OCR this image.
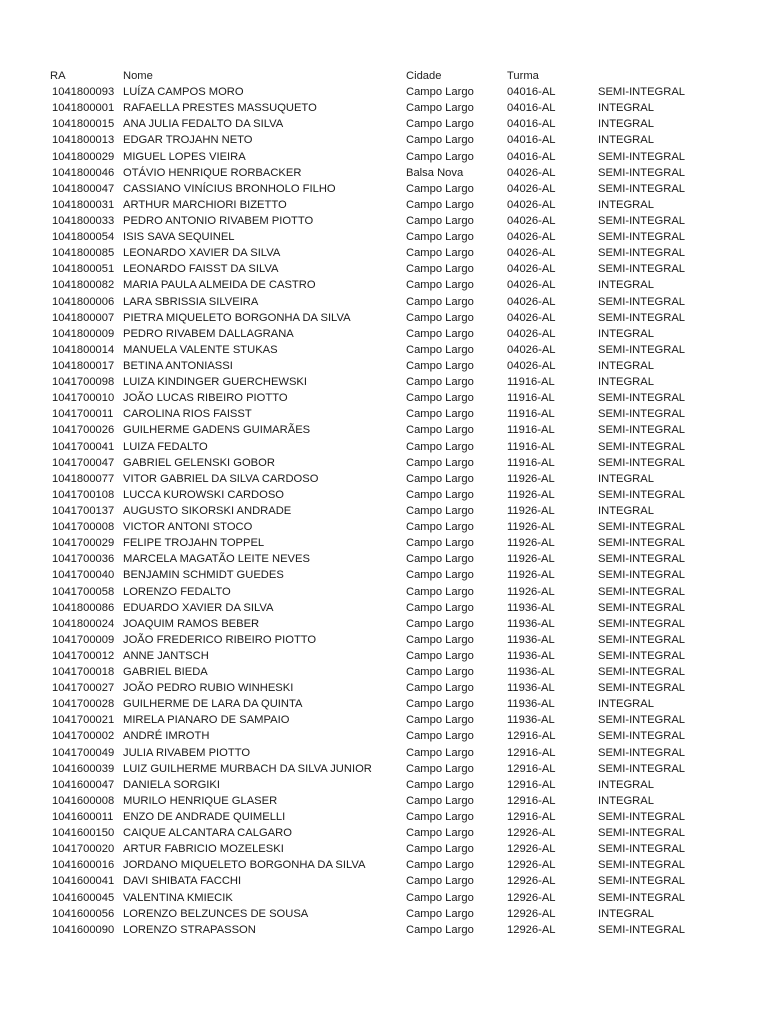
RA	Nome	Cidade	Turma
1041800093 LUÍZA CAMPOS MORO	Campo Largo	04016-AL	SEMI-INTEGRAL
1041800001 RAFAELLA PRESTES MASSUQUETO	Campo Largo	04016-AL	INTEGRAL
1041800015 ANA JULIA FEDALTO DA SILVA	Campo Largo	04016-AL	INTEGRAL
1041800013 EDGAR TROJAHN NETO	Campo Largo	04016-AL	INTEGRAL
1041800029 MIGUEL LOPES VIEIRA	Campo Largo	04016-AL	SEMI-INTEGRAL
1041800046 OTÁVIO HENRIQUE RORBACKER	Balsa Nova	04026-AL	SEMI-INTEGRAL
1041800047 CASSIANO VINÍCIUS BRONHOLO FILHO	Campo Largo	04026-AL	SEMI-INTEGRAL
1041800031 ARTHUR MARCHIORI BIZETTO	Campo Largo	04026-AL	INTEGRAL
1041800033 PEDRO ANTONIO RIVABEM PIOTTO	Campo Largo	04026-AL	SEMI-INTEGRAL
1041800054 ISIS SAVA SEQUINEL	Campo Largo	04026-AL	SEMI-INTEGRAL
1041800085 LEONARDO XAVIER DA SILVA	Campo Largo	04026-AL	SEMI-INTEGRAL
1041800051 LEONARDO FAISST DA SILVA	Campo Largo	04026-AL	SEMI-INTEGRAL
1041800082 MARIA PAULA ALMEIDA DE CASTRO	Campo Largo	04026-AL	INTEGRAL
1041800006 LARA SBRISSIA SILVEIRA	Campo Largo	04026-AL	SEMI-INTEGRAL
1041800007 PIETRA MIQUELETO BORGONHA DA SILVA	Campo Largo	04026-AL	SEMI-INTEGRAL
1041800009 PEDRO RIVABEM DALLAGRANA	Campo Largo	04026-AL	INTEGRAL
1041800014 MANUELA VALENTE STUKAS	Campo Largo	04026-AL	SEMI-INTEGRAL
1041800017 BETINA ANTONIASSI	Campo Largo	04026-AL	INTEGRAL
1041700098 LUIZA KINDINGER GUERCHEWSKI	Campo Largo	11916-AL	INTEGRAL
1041700010 JOÃO LUCAS RIBEIRO PIOTTO	Campo Largo	11916-AL	SEMI-INTEGRAL
1041700011 CAROLINA RIOS FAISST	Campo Largo	11916-AL	SEMI-INTEGRAL
1041700026 GUILHERME GADENS GUIMARÃES	Campo Largo	11916-AL	SEMI-INTEGRAL
1041700041 LUIZA FEDALTO	Campo Largo	11916-AL	SEMI-INTEGRAL
1041700047 GABRIEL GELENSKI GOBOR	Campo Largo	11916-AL	SEMI-INTEGRAL
1041800077 VITOR GABRIEL DA SILVA CARDOSO	Campo Largo	11926-AL	INTEGRAL
1041700108 LUCCA KUROWSKI CARDOSO	Campo Largo	11926-AL	SEMI-INTEGRAL
1041700137 AUGUSTO SIKORSKI ANDRADE	Campo Largo	11926-AL	INTEGRAL
1041700008 VICTOR ANTONI STOCO	Campo Largo	11926-AL	SEMI-INTEGRAL
1041700029 FELIPE TROJAHN TOPPEL	Campo Largo	11926-AL	SEMI-INTEGRAL
1041700036 MARCELA MAGATÃO LEITE NEVES	Campo Largo	11926-AL	SEMI-INTEGRAL
1041700040 BENJAMIN SCHMIDT GUEDES	Campo Largo	11926-AL	SEMI-INTEGRAL
1041700058 LORENZO FEDALTO	Campo Largo	11926-AL	SEMI-INTEGRAL
1041800086 EDUARDO XAVIER DA SILVA	Campo Largo	11936-AL	SEMI-INTEGRAL
1041800024 JOAQUIM RAMOS BEBER	Campo Largo	11936-AL	SEMI-INTEGRAL
1041700009 JOÃO FREDERICO RIBEIRO PIOTTO	Campo Largo	11936-AL	SEMI-INTEGRAL
1041700012 ANNE JANTSCH	Campo Largo	11936-AL	SEMI-INTEGRAL
1041700018 GABRIEL BIEDA	Campo Largo	11936-AL	SEMI-INTEGRAL
1041700027 JOÃO PEDRO RUBIO WINHESKI	Campo Largo	11936-AL	SEMI-INTEGRAL
1041700028 GUILHERME DE LARA DA QUINTA	Campo Largo	11936-AL	INTEGRAL
1041700021 MIRELA PIANARO DE SAMPAIO	Campo Largo	11936-AL	SEMI-INTEGRAL
1041700002 ANDRÉ IMROTH	Campo Largo	12916-AL	SEMI-INTEGRAL
1041700049 JULIA RIVABEM PIOTTO	Campo Largo	12916-AL	SEMI-INTEGRAL
1041600039 LUIZ GUILHERME MURBACH DA SILVA JUNIOR	Campo Largo	12916-AL	SEMI-INTEGRAL
1041600047 DANIELA SORGIKI	Campo Largo	12916-AL	INTEGRAL
1041600008 MURILO HENRIQUE GLASER	Campo Largo	12916-AL	INTEGRAL
1041600011 ENZO DE ANDRADE QUIMELLI	Campo Largo	12916-AL	SEMI-INTEGRAL
1041600150 CAIQUE ALCANTARA CALGARO	Campo Largo	12926-AL	SEMI-INTEGRAL
1041700020 ARTUR FABRICIO MOZELESKI	Campo Largo	12926-AL	SEMI-INTEGRAL
1041600016 JORDANO MIQUELETO BORGONHA DA SILVA	Campo Largo	12926-AL	SEMI-INTEGRAL
1041600041 DAVI SHIBATA FACCHI	Campo Largo	12926-AL	SEMI-INTEGRAL
1041600045 VALENTINA KMIECIK	Campo Largo	12926-AL	SEMI-INTEGRAL
1041600056 LORENZO BELZUNCES DE SOUSA	Campo Largo	12926-AL	INTEGRAL
1041600090 LORENZO STRAPASSON	Campo Largo	12926-AL	SEMI-INTEGRAL
